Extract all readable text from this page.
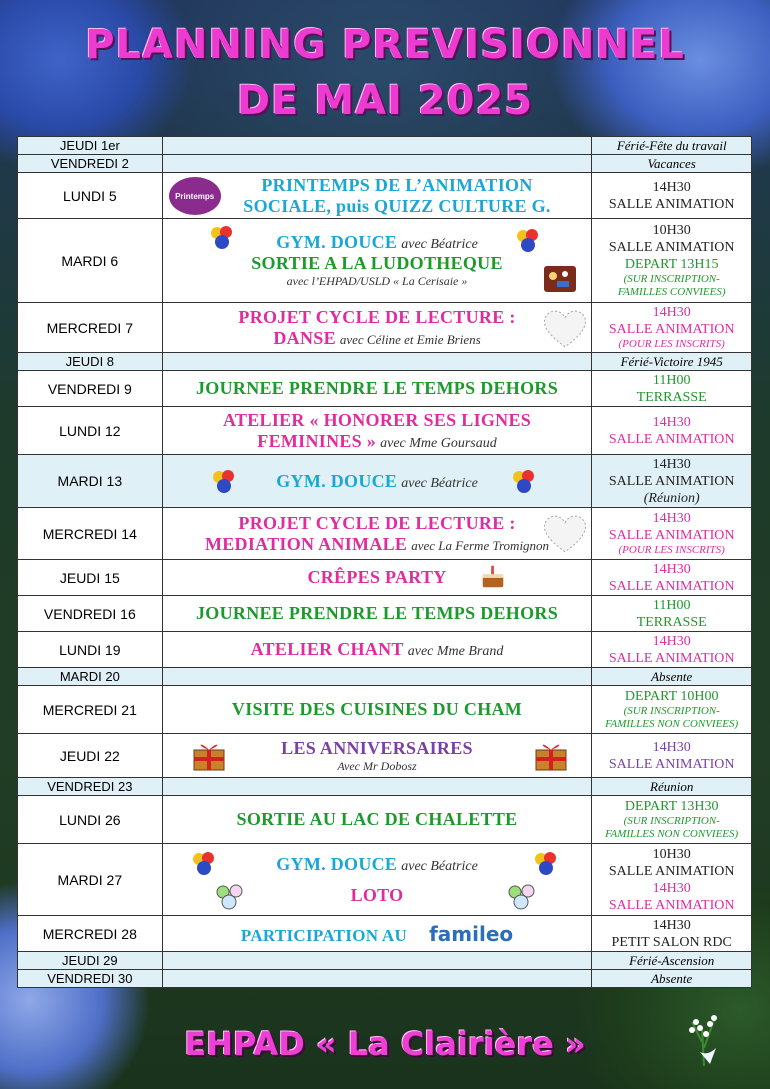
PLANNING PREVISIONNEL
DE MAI 2025
JEUDI 1er		Férié-Fête du travail
VENDREDI 2		Vacances
LUNDI 5	Printemps
PRINTEMPS DE L’ANIMATION
SOCIALE, puis QUIZZ CULTURE G.	14H30
SALLE ANIMATION

MARDI 6	GYM. DOUCE avec Béatrice
SORTIE A LA LUDOTHEQUE
avec l’EHPAD/USLD « La Cerisaie »	10H30
SALLE ANIMATION
DEPART 13H15
(SUR INSCRIPTION-
FAMILLES CONVIEES)

MERCREDI 7	PROJET CYCLE DE LECTURE :
DANSE avec Céline et Emie Briens	14H30
SALLE ANIMATION
(POUR LES INSCRITS)

JEUDI 8		Férié-Victoire 1945
VENDREDI 9	JOURNEE PRENDRE LE TEMPS DEHORS	11H00
TERRASSE

LUNDI 12	ATELIER « HONORER SES LIGNES
FEMININES » avec Mme Goursaud	14H30
SALLE ANIMATION

MARDI 13	GYM. DOUCE avec Béatrice	14H30
SALLE ANIMATION
(Réunion)

MERCREDI 14	PROJET CYCLE DE LECTURE :
MEDIATION ANIMALE avec La Ferme Tromignon	14H30
SALLE ANIMATION
(POUR LES INSCRITS)

JEUDI 15	CRÊPES PARTY	14H30
SALLE ANIMATION

VENDREDI 16	JOURNEE PRENDRE LE TEMPS DEHORS	11H00
TERRASSE

LUNDI 19	ATELIER CHANT avec Mme Brand	14H30
SALLE ANIMATION

MARDI 20		Absente
MERCREDI 21	VISITE DES CUISINES DU CHAM	DEPART 10H00
(SUR INSCRIPTION-
FAMILLES NON CONVIEES)

JEUDI 22	LES ANNIVERSAIRES
Avec Mr Dobosz	14H30
SALLE ANIMATION

VENDREDI 23		Réunion
LUNDI 26	SORTIE AU LAC DE CHALETTE	DEPART 13H30
(SUR INSCRIPTION-
FAMILLES NON CONVIEES)

MARDI 27	GYM. DOUCE avec Béatrice
LOTO	10H30
SALLE ANIMATION
14H30
SALLE ANIMATION

MERCREDI 28	PARTICIPATION AU famileo	14H30
PETIT SALON RDC

JEUDI 29		Férié-Ascension
VENDREDI 30		Absente
EHPAD « La Clairière »
